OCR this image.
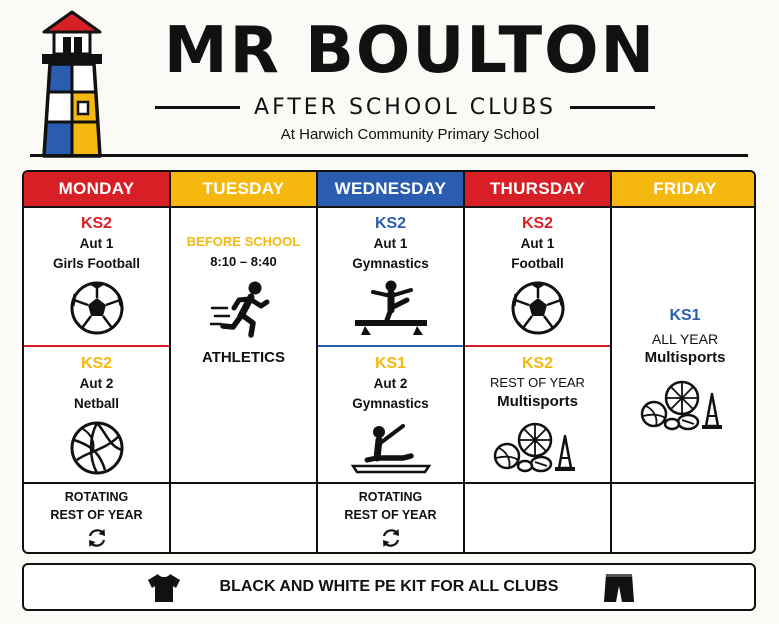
MR BOULTON
AFTER SCHOOL CLUBS
At Harwich Community Primary School
MONDAY
KS2
Aut 1
Girls Football
KS2
Aut 2
Netball
ROTATING
REST OF YEAR
TUESDAY
BEFORE SCHOOL
8:10 – 8:40
ATHLETICS
WEDNESDAY
KS2
Aut 1
Gymnastics
KS1
Aut 2
Gymnastics
ROTATING
REST OF YEAR
THURSDAY
KS2
Aut 1
Football
KS2
REST OF YEAR
Multisports
FRIDAY
KS1
ALL YEAR
Multisports
BLACK AND WHITE PE KIT FOR ALL CLUBS
